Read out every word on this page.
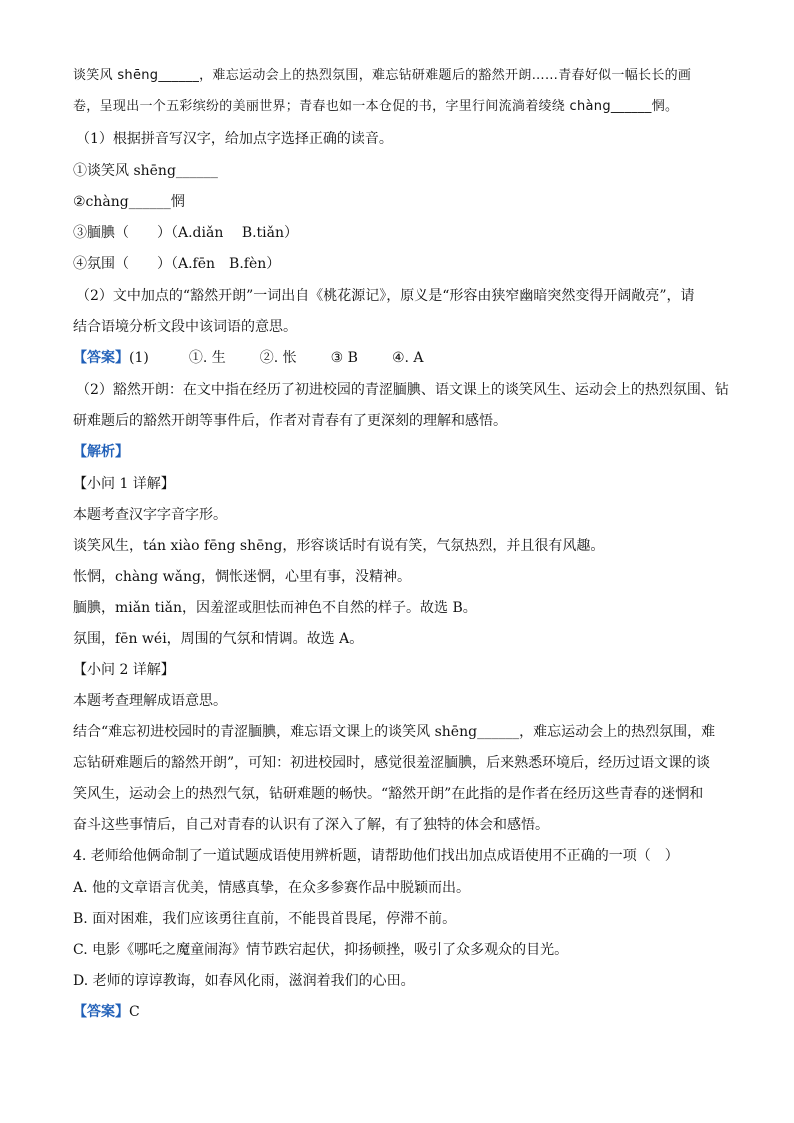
谈笑风 shēng______，难忘运动会上的热烈氛围，难忘钻研难题后的豁然开朗……青春好似一幅长长的画
卷，呈现出一个五彩缤纷的美丽世界；青春也如一本仓促的书，字里行间流淌着绫绕 chàng______惘。
（1）根据拼音写汉字，给加点字选择正确的读音。
①谈笑风 shēng______
②chàng______惘
③腼腆（　　）（A.diǎn　 B.tiǎn）
④氛围（　　）（A.fēn　B.fèn）
（2）文中加点的“豁然开朗”一词出自《桃花源记》，原义是“形容由狭窄幽暗突然变得开阔敞亮”，请
结合语境分析文段中该词语的意思。
【答案】(1)	①. 生 ②. 怅 ③ B ④. A
（2）豁然开朗：在文中指在经历了初进校园的青涩腼腆、语文课上的谈笑风生、运动会上的热烈氛围、钻
研难题后的豁然开朗等事件后，作者对青春有了更深刻的理解和感悟。
【解析】
【小问 1 详解】
本题考查汉字字音字形。
谈笑风生，tán xiào fēng shēng，形容谈话时有说有笑，气氛热烈，并且很有风趣。
怅惘，chàng wǎng，惆怅迷惘，心里有事，没精神。
腼腆，miǎn tiǎn，因羞涩或胆怯而神色不自然的样子。故选 B。
氛围，fēn wéi，周围的气氛和情调。故选 A。
【小问 2 详解】
本题考查理解成语意思。
结合“难忘初进校园时的青涩腼腆，难忘语文课上的谈笑风 shēng______，难忘运动会上的热烈氛围，难
忘钻研难题后的豁然开朗”，可知：初进校园时，感觉很羞涩腼腆，后来熟悉环境后，经历过语文课的谈
笑风生，运动会上的热烈气氛，钻研难题的畅快。“豁然开朗”在此指的是作者在经历这些青春的迷惘和
奋斗这些事情后，自己对青春的认识有了深入了解，有了独特的体会和感悟。
4. 老师给他俩命制了一道试题成语使用辨析题，请帮助他们找出加点成语使用不正确的一项（　）
A. 他的文章语言优美，情感真挚，在众多参赛作品中脱颖而出。
B. 面对困难，我们应该勇往直前，不能畏首畏尾，停滞不前。
C. 电影《哪吒之魔童闹海》情节跌宕起伏，抑扬顿挫，吸引了众多观众的目光。
D. 老师的谆谆教诲，如春风化雨，滋润着我们的心田。
【答案】C
